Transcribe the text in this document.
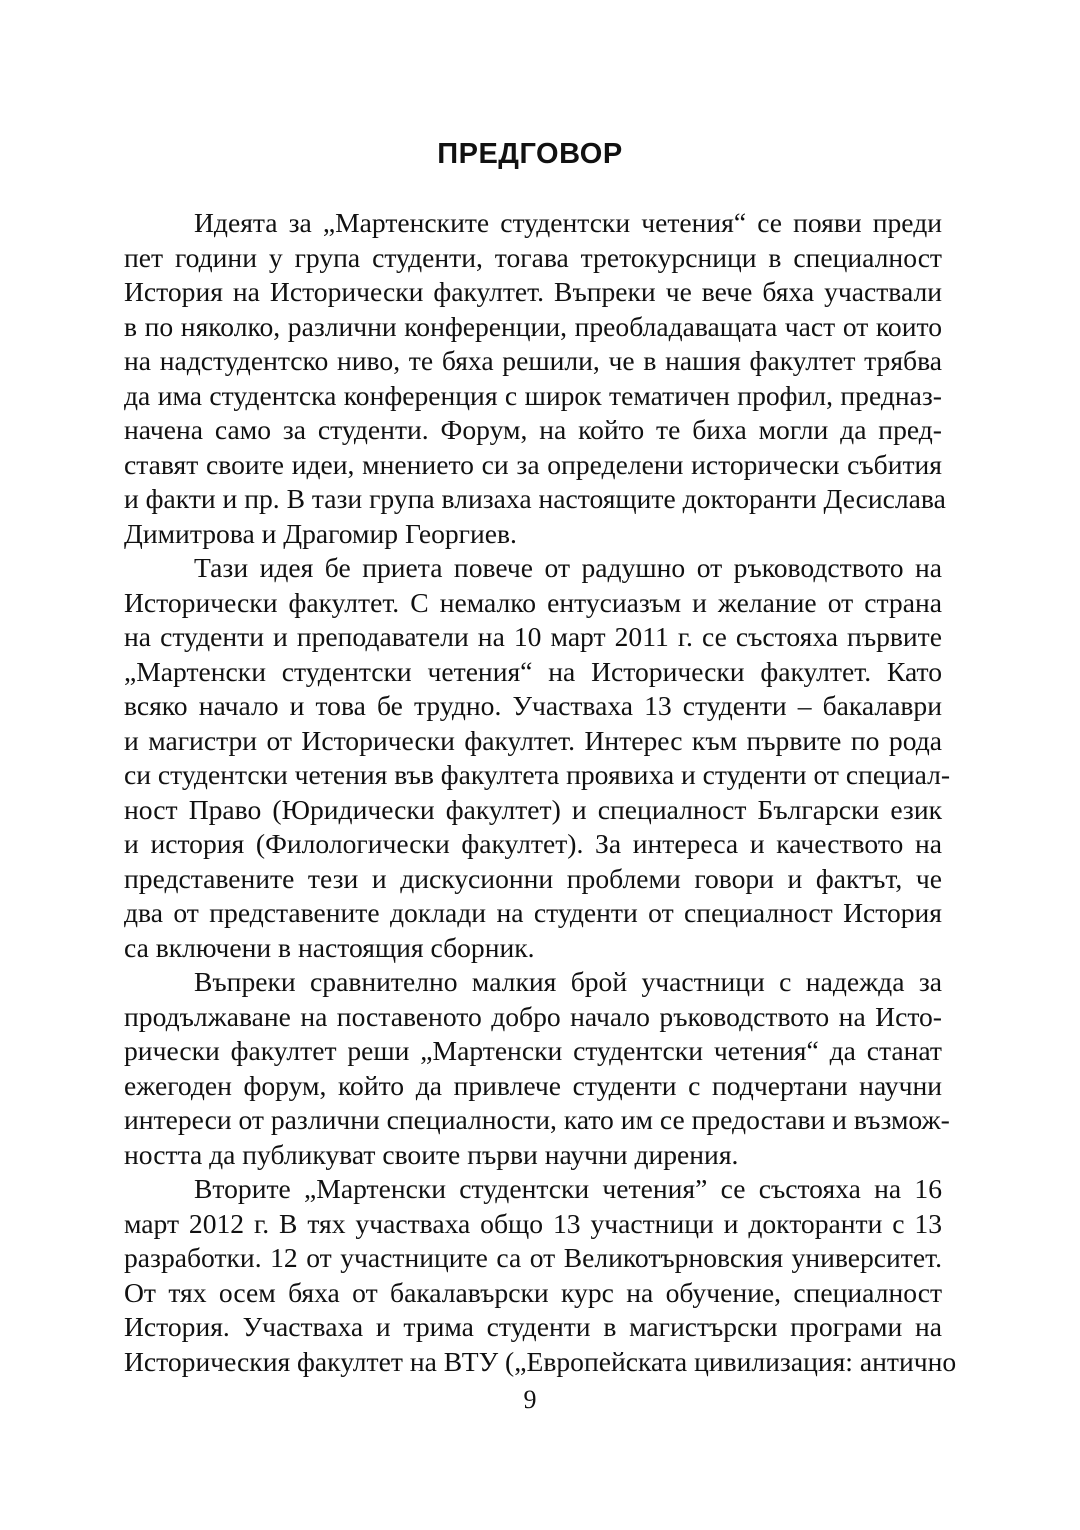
ПРЕДГОВОР
Идеята за „Мартенските студентски четения“ се появи преди
пет години у група студенти, тогава третокурсници в специалност
История на Исторически факултет. Въпреки че вече бяха участвали
в по няколко, различни конференции, преобладаващата част от които
на надстудентско ниво, те бяха решили, че в нашия факултет трябва
да има студентска конференция с широк тематичен профил, предназ-
начена само за студенти. Форум, на който те биха могли да пред-
ставят своите идеи, мнението си за определени исторически събития
и факти и пр. В тази група влизаха настоящите докторанти Десислава
Димитрова и Драгомир Георгиев.
Тази идея бе приета повече от радушно от ръководството на
Исторически факултет. С немалко ентусиазъм и желание от страна
на студенти и преподаватели на 10 март 2011 г. се състояха първите
„Мартенски студентски четения“ на Исторически факултет. Като
всяко начало и това бе трудно. Участваха 13 студенти – бакалаври
и магистри от Исторически факултет. Интерес към първите по рода
си студентски четения във факултета проявиха и студенти от специал-
ност Право (Юридически факултет) и специалност Български език
и история (Филологически факултет). За интереса и качеството на
представените тези и дискусионни проблеми говори и фактът, че
два от представените доклади на студенти от специалност История
са включени в настоящия сборник.
Въпреки сравнително малкия брой участници с надежда за
продължаване на поставеното добро начало ръководството на Исто-
рически факултет реши „Мартенски студентски четения“ да станат
ежегоден форум, който да привлече студенти с подчертани научни
интереси от различни специалности, като им се предостави и възмож-
ността да публикуват своите първи научни дирения.
Вторите „Мартенски студентски четения” се състояха на 16
март 2012 г. В тях участваха общо 13 участници и докторанти с 13
разработки. 12 от участниците са от Великотърновския университет.
От тях осем бяха от бакалавърски курс на обучение, специалност
История. Участваха и трима студенти в магистърски програми на
Историческия факултет на ВТУ („Европейската цивилизация: антично
9
